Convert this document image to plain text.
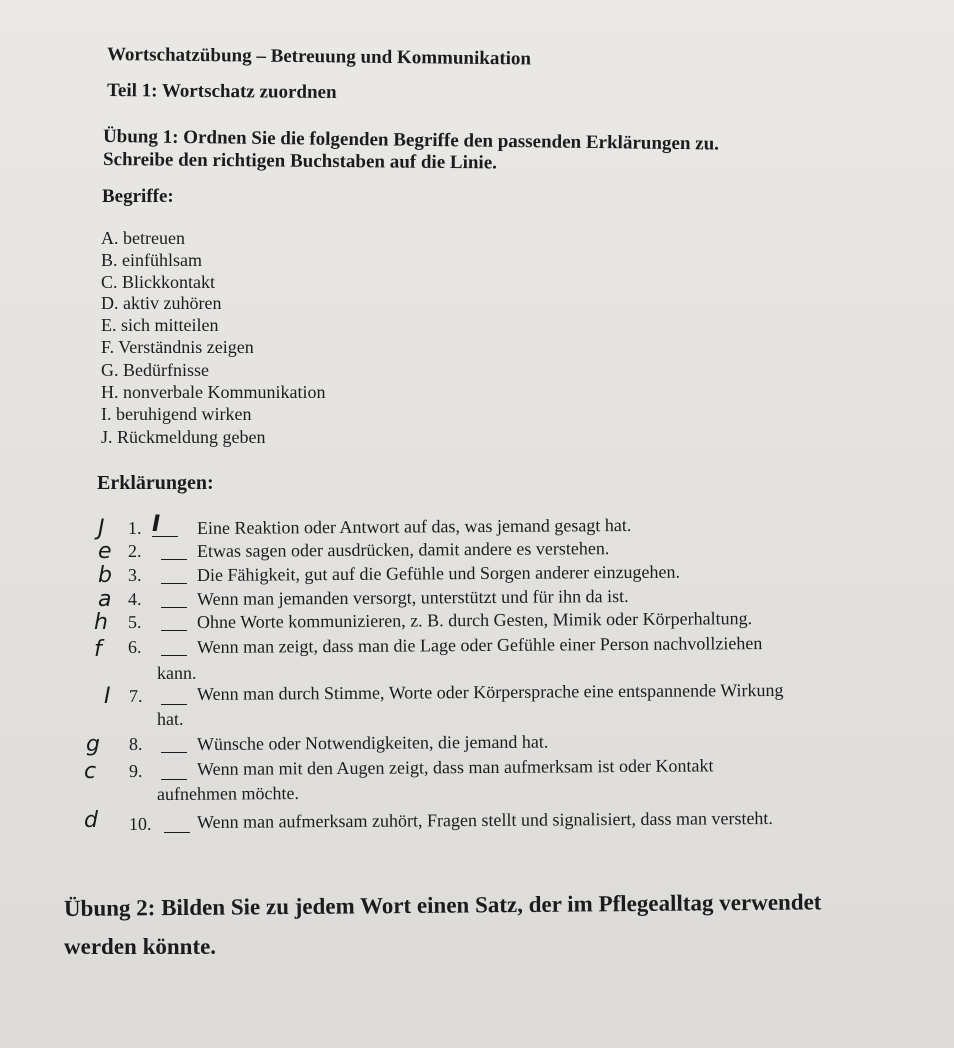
Wortschatzübung – Betreuung und Kommunikation
Teil 1: Wortschatz zuordnen
Übung 1: Ordnen Sie die folgenden Begriffe den passenden Erklärungen zu.
Schreibe den richtigen Buchstaben auf die Linie.
Begriffe:
A. betreuen
B. einfühlsam
C. Blickkontakt
D. aktiv zuhören
E. sich mitteilen
F. Verständnis zeigen
G. Bedürfnisse
H. nonverbale Kommunikation
I. beruhigend wirken
J. Rückmeldung geben
Erklärungen:
J 1. I Eine Reaktion oder Antwort auf das, was jemand gesagt hat.
e 2.	Etwas sagen oder ausdrücken, damit andere es verstehen.
b 3.	Die Fähigkeit, gut auf die Gefühle und Sorgen anderer einzugehen.
a 4.	Wenn man jemanden versorgt, unterstützt und für ihn da ist.
h 5.	Ohne Worte kommunizieren, z. B. durch Gesten, Mimik oder Körperhaltung.
f 6.	Wenn man zeigt, dass man die Lage oder Gefühle einer Person nachvollziehen
kann.
I 7.	Wenn man durch Stimme, Worte oder Körpersprache eine entspannende Wirkung
hat.
g 8.	Wünsche oder Notwendigkeiten, die jemand hat.
c 9.	Wenn man mit den Augen zeigt, dass man aufmerksam ist oder Kontakt
aufnehmen möchte.
d 10.	Wenn man aufmerksam zuhört, Fragen stellt und signalisiert, dass man versteht.
Übung 2: Bilden Sie zu jedem Wort einen Satz, der im Pflegealltag verwendet
werden könnte.
